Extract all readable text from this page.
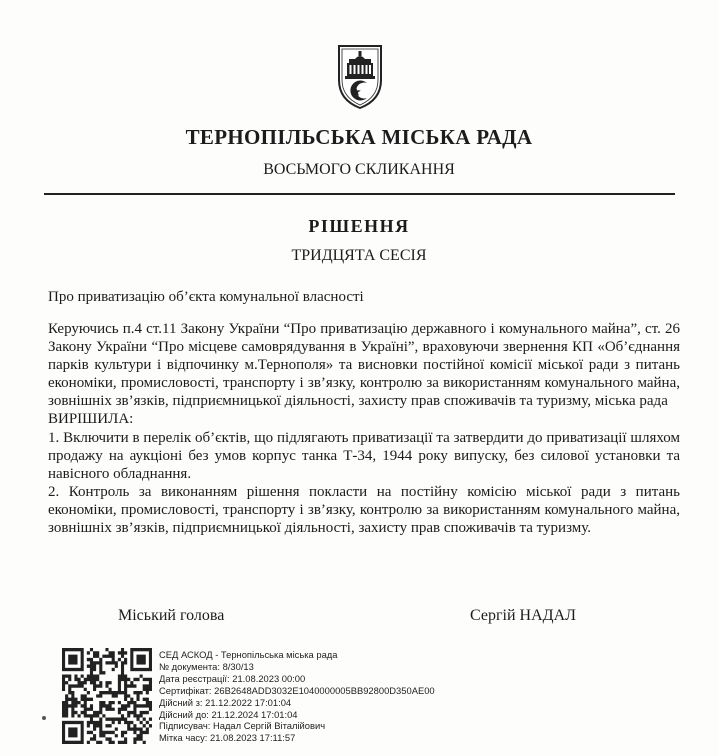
ТЕРНОПІЛЬСЬКА МІСЬКА РАДА
ВОСЬМОГО СКЛИКАННЯ
РІШЕННЯ
ТРИДЦЯТА СЕСІЯ
Про приватизацію об’єкта комунальної власності

Керуючись п.4 ст.11 Закону України “Про приватизацію державного і комунального майна”, ст. 26 Закону України “Про місцеве самоврядування в Україні”, враховуючи звернення КП «Об’єднання парків культури і відпочинку м.Тернополя» та висновки постійної комісії міської ради з питань економіки, промисловості, транспорту і зв’язку, контролю за використанням комунального майна, зовнішніх зв’язків, підприємницької діяльності, захисту прав споживачів та туризму, міська рада

ВИРІШИЛА:

1. Включити в перелік об’єктів, що підлягають приватизації та затвердити до приватизації шляхом продажу на аукціоні без умов корпус танка Т-34, 1944 року випуску, без силової установки та навісного обладнання.

2. Контроль за виконанням рішення покласти на постійну комісію міської ради з питань економіки, промисловості, транспорту і зв’язку, контролю за використанням комунального майна, зовнішніх зв’язків, підприємницької діяльності, захисту прав споживачів та туризму.

Міський голова	Сергій НАДАЛ
СЕД АСКОД - Тернопільська міська рада
№ документа: 8/30/13
Дата реєстрації: 21.08.2023 00:00
Сертифікат: 26B2648ADD3032E1040000005BB92800D350AE00
Дійсний з: 21.12.2022 17:01:04
Дійсний до: 21.12.2024 17:01:04
Підписувач: Надал Сергій Віталійович
Мітка часу: 21.08.2023 17:11:57
